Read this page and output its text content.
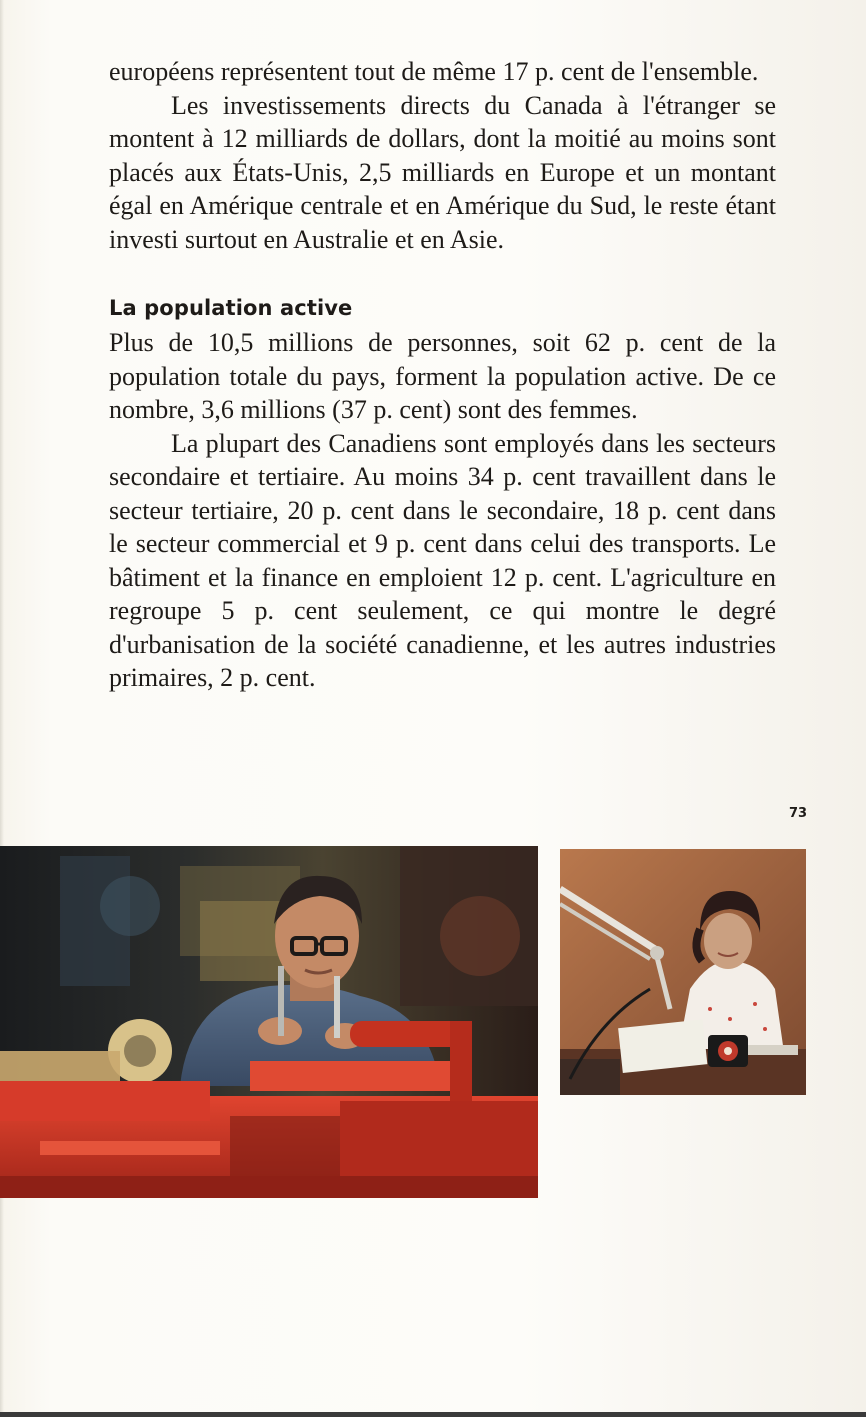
européens représentent tout de même 17 p. cent de l'ensemble.

Les investissements directs du Canada à l'étranger se montent à 12 milliards de dollars, dont la moitié au moins sont placés aux États-Unis, 2,5 milliards en Europe et un montant égal en Amérique centrale et en Amérique du Sud, le reste étant investi surtout en Australie et en Asie.

La population active

Plus de 10,5 millions de personnes, soit 62 p. cent de la population totale du pays, forment la population active. De ce nombre, 3,6 millions (37 p. cent) sont des femmes.

La plupart des Canadiens sont employés dans les secteurs secondaire et tertiaire. Au moins 34 p. cent travaillent dans le secteur tertiaire, 20 p. cent dans le secondaire, 18 p. cent dans le secteur commercial et 9 p. cent dans celui des transports. Le bâtiment et la finance en emploient 12 p. cent. L'agriculture en regroupe 5 p. cent seulement, ce qui montre le degré d'urbanisation de la société canadienne, et les autres industries primaires, 2 p. cent.

73
